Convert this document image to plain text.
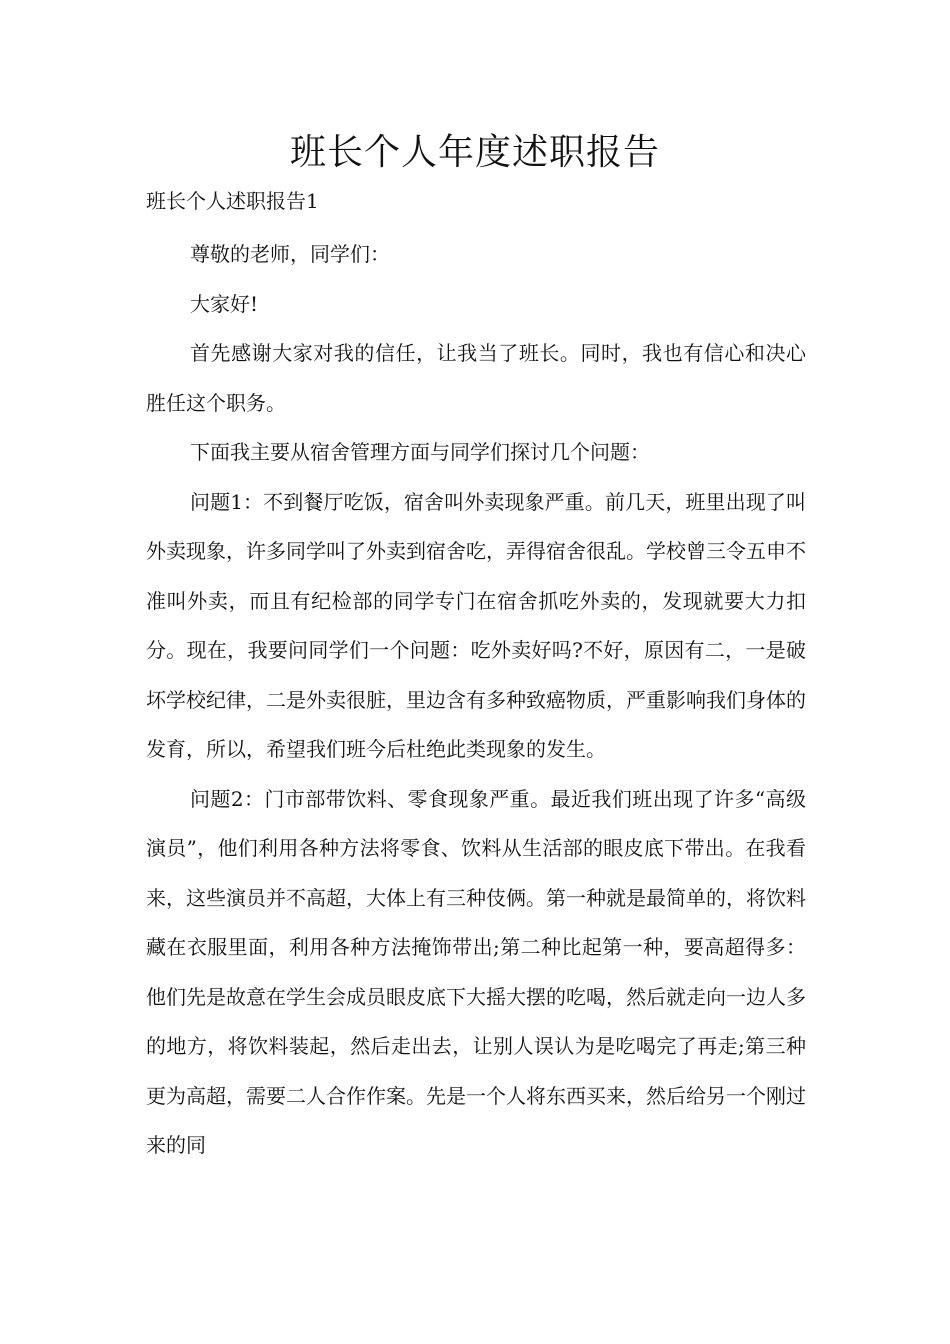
班长个人年度述职报告

班长个人述职报告1

尊敬的老师，同学们：

大家好!

首先感谢大家对我的信任，让我当了班长。同时，我也有信心和决心胜任这个职务。

下面我主要从宿舍管理方面与同学们探讨几个问题：

问题1：不到餐厅吃饭，宿舍叫外卖现象严重。前几天，班里出现了叫外卖现象，许多同学叫了外卖到宿舍吃，弄得宿舍很乱。学校曾三令五申不准叫外卖，而且有纪检部的同学专门在宿舍抓吃外卖的，发现就要大力扣分。现在，我要问同学们一个问题：吃外卖好吗?不好，原因有二，一是破坏学校纪律，二是外卖很脏，里边含有多种致癌物质，严重影响我们身体的发育，所以，希望我们班今后杜绝此类现象的发生。

问题2：门市部带饮料、零食现象严重。最近我们班出现了许多“高级演员”，他们利用各种方法将零食、饮料从生活部的眼皮底下带出。在我看来，这些演员并不高超，大体上有三种伎俩。第一种就是最简单的，将饮料藏在衣服里面，利用各种方法掩饰带出;第二种比起第一种，要高超得多：他们先是故意在学生会成员眼皮底下大摇大摆的吃喝，然后就走向一边人多的地方，将饮料装起，然后走出去，让别人误认为是吃喝完了再走;第三种更为高超，需要二人合作作案。先是一个人将东西买来，然后给另一个刚过来的同
